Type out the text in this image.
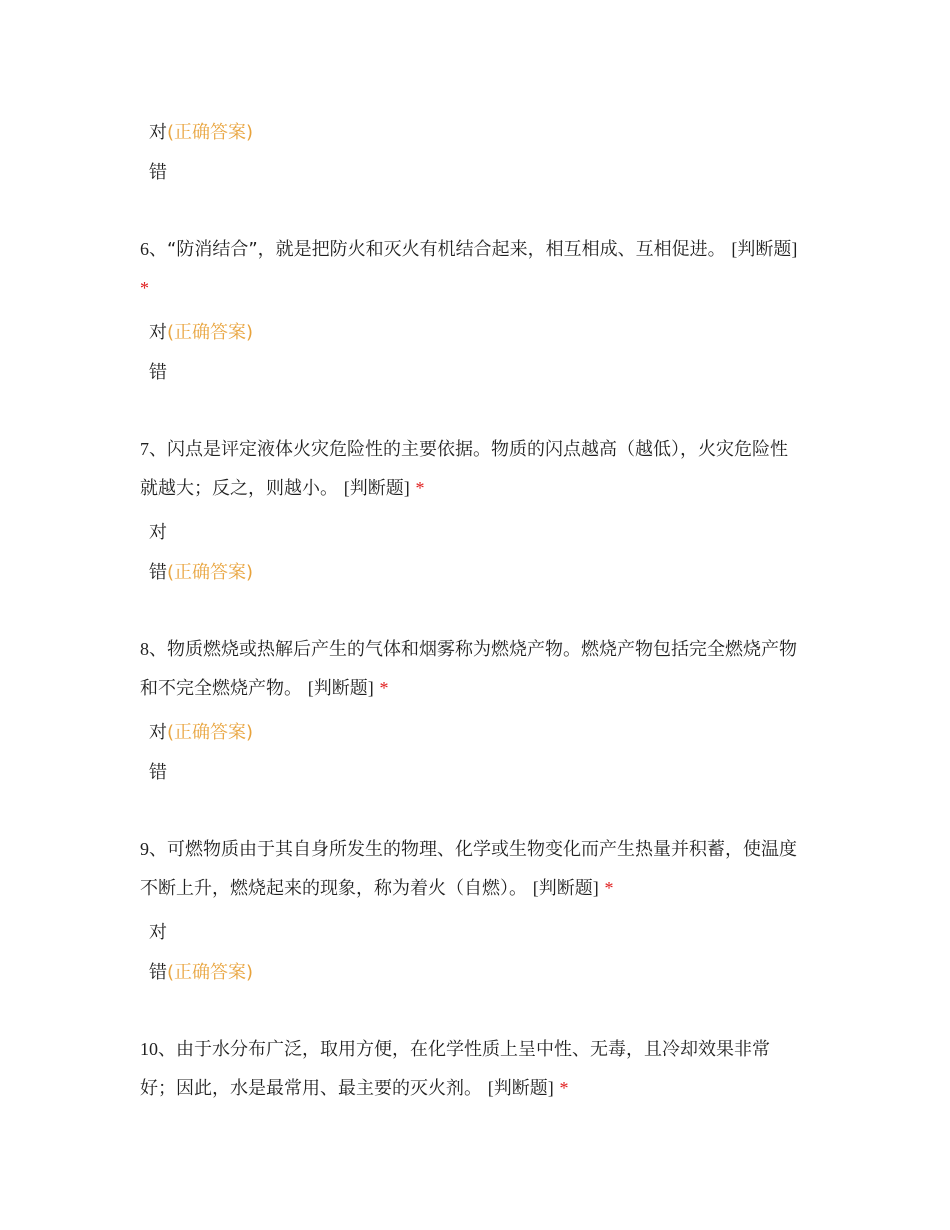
对(正确答案)
错

6、“防消结合”，就是把防火和灭火有机结合起来，相互相成、互相促进。 [判断题] *

对(正确答案)
错

7、闪点是评定液体火灾危险性的主要依据。物质的闪点越高（越低），火灾危险性就越大；反之，则越小。 [判断题] *

对
错(正确答案)

8、物质燃烧或热解后产生的气体和烟雾称为燃烧产物。燃烧产物包括完全燃烧产物和不完全燃烧产物。 [判断题] *

对(正确答案)
错

9、可燃物质由于其自身所发生的物理、化学或生物变化而产生热量并积蓄，使温度不断上升，燃烧起来的现象，称为着火（自燃）。 [判断题] *

对
错(正确答案)

10、由于水分布广泛，取用方便，在化学性质上呈中性、无毒，且冷却效果非常好；因此，水是最常用、最主要的灭火剂。 [判断题] *
